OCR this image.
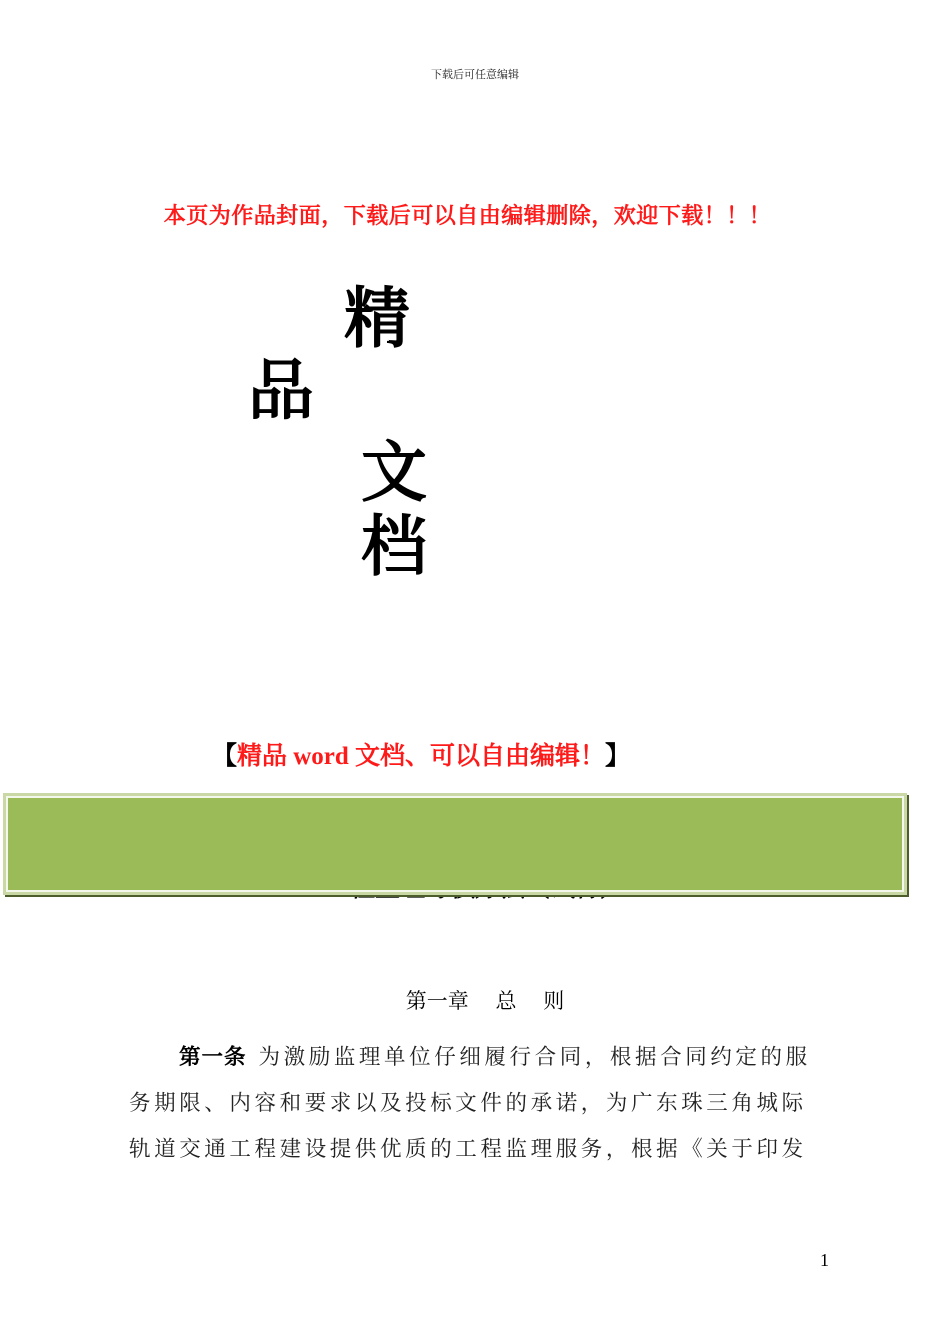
下载后可任意编辑
本页为作品封面，下载后可以自由编辑删除，欢迎下载！！！
精
品
文
档
【精品 word 文档、可以自由编辑！】
第一章    总    则
第一条 为激励监理单位仔细履行合同，根据合同约定的服
务期限、内容和要求以及投标文件的承诺，为广东珠三角城际
轨道交通工程建设提供优质的工程监理服务，根据《关于印发
1
